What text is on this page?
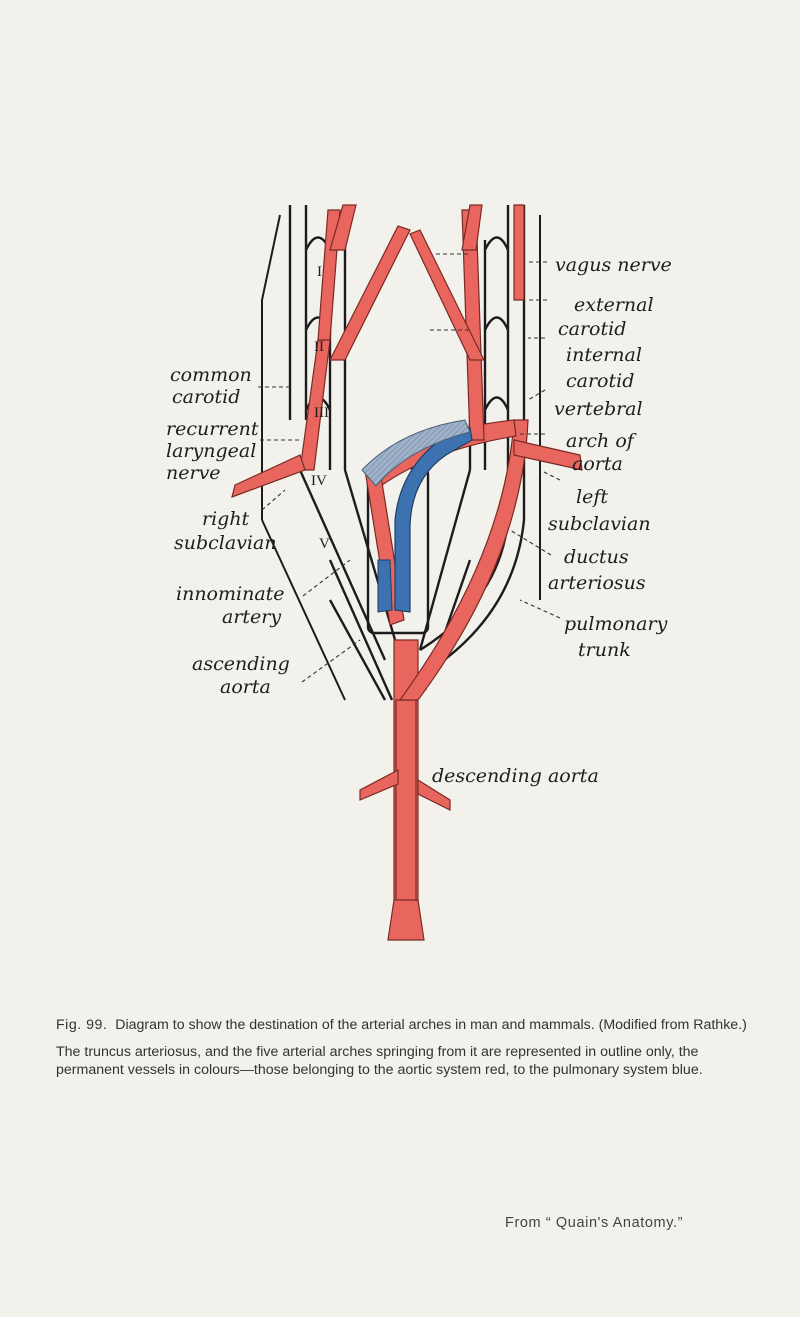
I
II
III
IV
V
vagus nerve
external
carotid
internal
carotid
vertebral
arch of
aorta
left
subclavian
ductus
arteriosus
pulmonary
trunk
descending aorta
common
carotid
recurrent
laryngeal
nerve
right
subclavian
innominate
artery
ascending
aorta

Fig. 99. Diagram to show the destination of the arterial arches in man and mammals. (Modified from Rathke.)

The truncus arteriosus, and the five arterial arches springing from it are represented in outline only, the permanent vessels in colours—those belonging to the aortic system red, to the pulmonary system blue.

From “ Quain's Anatomy.”
